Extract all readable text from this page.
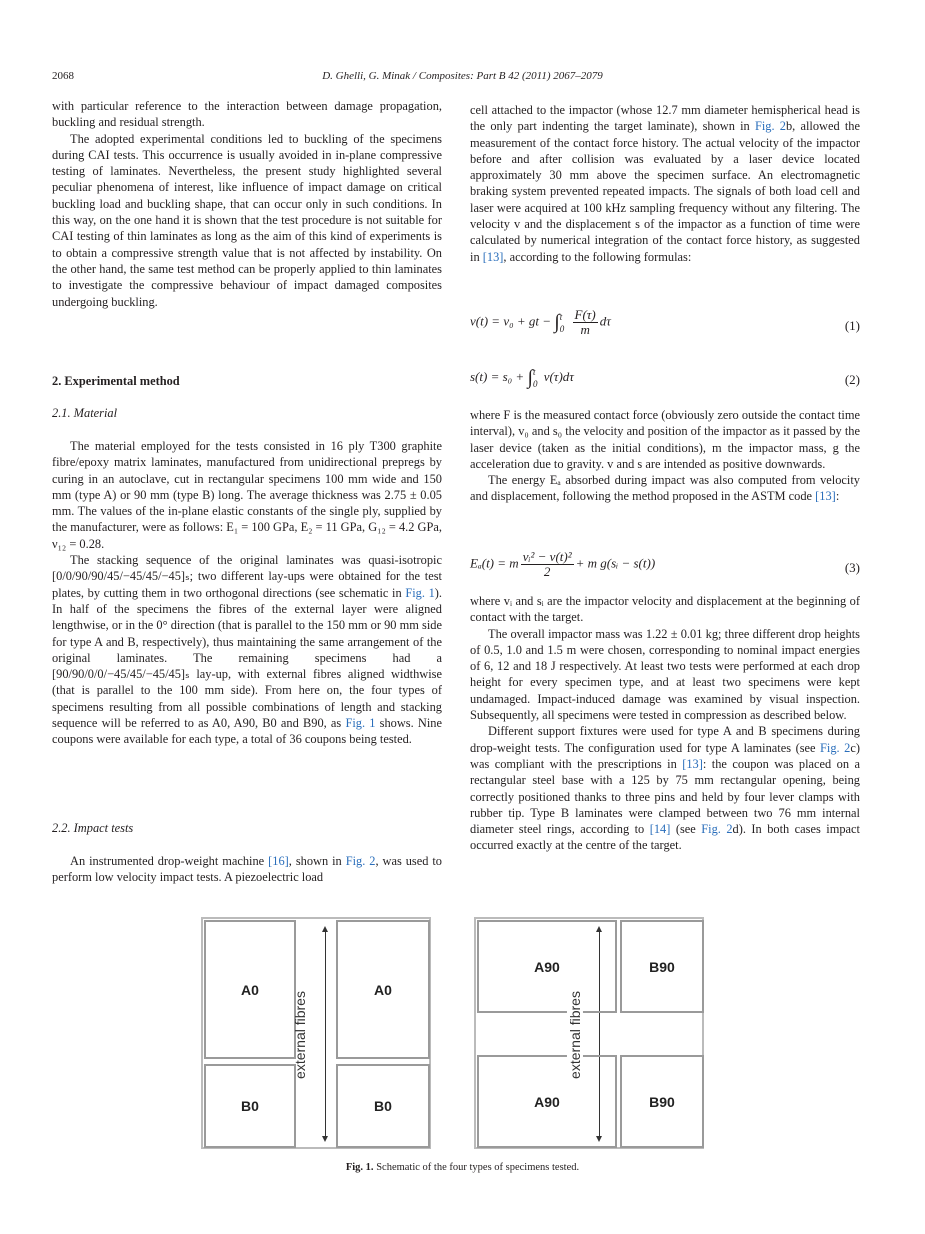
2068	D. Ghelli, G. Minak / Composites: Part B 42 (2011) 2067–2079

with particular reference to the interaction between damage propagation, buckling and residual strength.

The adopted experimental conditions led to buckling of the specimens during CAI tests. This occurrence is usually avoided in in-plane compressive testing of laminates. Nevertheless, the present study highlighted several peculiar phenomena of interest, like influence of impact damage on critical buckling load and buckling shape, that can occur only in such conditions. In this way, on the one hand it is shown that the test procedure is not suitable for CAI testing of thin laminates as long as the aim of this kind of experiments is to obtain a compressive strength value that is not affected by instability. On the other hand, the same test method can be properly applied to thin laminates to investigate the compressive behaviour of impact damaged composites undergoing buckling.

2. Experimental method
2.1. Material

The material employed for the tests consisted in 16 ply T300 graphite fibre/epoxy matrix laminates, manufactured from unidirectional prepregs by curing in an autoclave, cut in rectangular specimens 100 mm wide and 150 mm (type A) or 90 mm (type B) long. The average thickness was 2.75 ± 0.05 mm. The values of the in-plane elastic constants of the single ply, supplied by the manufacturer, were as follows: E₁ = 100 GPa, E₂ = 11 GPa, G₁₂ = 4.2 GPa, ν₁₂ = 0.28.

The stacking sequence of the original laminates was quasi-isotropic [0/0/90/90/45/−45/45/−45]ₛ; two different lay-ups were obtained for the test plates, by cutting them in two orthogonal directions (see schematic in Fig. 1). In half of the specimens the fibres of the external layer were aligned lengthwise, or in the 0° direction (that is parallel to the 150 mm or 90 mm side for type A and B, respectively), thus maintaining the same arrangement of the original laminates. The remaining specimens had a [90/90/0/0/−45/45/−45/45]ₛ lay-up, with external fibres aligned widthwise (that is parallel to the 100 mm side). From here on, the four types of specimens resulting from all possible combinations of length and stacking sequence will be referred to as A0, A90, B0 and B90, as Fig. 1 shows. Nine coupons were available for each type, a total of 36 coupons being tested.

2.2. Impact tests

An instrumented drop-weight machine [16], shown in Fig. 2, was used to perform low velocity impact tests. A piezoelectric load

cell attached to the impactor (whose 12.7 mm diameter hemispherical head is the only part indenting the target laminate), shown in Fig. 2b, allowed the measurement of the contact force history. The actual velocity of the impactor before and after collision was evaluated by a laser device located approximately 30 mm above the specimen surface. An electromagnetic braking system prevented repeated impacts. The signals of both load cell and laser were acquired at 100 kHz sampling frequency without any filtering. The velocity v and the displacement s of the impactor as a function of time were calculated by numerical integration of the contact force history, as suggested in [13], according to the following formulas:

v(t) = v₀ + gt − ∫ t
0
$\frac{F(\tau)}{m}$ dτ	(1)
s(t) = s₀ + ∫ t
0
v(τ)dτ	(2)

where F is the measured contact force (obviously zero outside the contact time interval), v₀ and s₀ the velocity and position of the impactor as it passed by the laser device (taken as the initial conditions), m the impactor mass, g the acceleration due to gravity. v and s are intended as positive downwards.

The energy Eₐ absorbed during impact was also computed from velocity and displacement, following the method proposed in the ASTM code [13]:

Eₐ(t) = m $\frac{\text{vᵢ² − v(t)²}}{2} + m$ g(sᵢ − s(t))	(3)

where vᵢ and sᵢ are the impactor velocity and displacement at the beginning of contact with the target.

The overall impactor mass was 1.22 ± 0.01 kg; three different drop heights of 0.5, 1.0 and 1.5 m were chosen, corresponding to nominal impact energies of 6, 12 and 18 J respectively. At least two tests were performed at each drop height for every specimen type, and at least two specimens were kept undamaged. Impact-induced damage was examined by visual inspection. Subsequently, all specimens were tested in compression as described below.

Different support fixtures were used for type A and B specimens during drop-weight tests. The configuration used for type A laminates (see Fig. 2c) was compliant with the prescriptions in [13]: the coupon was placed on a rectangular steel base with a 125 by 75 mm rectangular opening, being correctly positioned thanks to three pins and held by four lever clamps with rubber tip. Type B laminates were clamped between two 76 mm internal diameter steel rings, according to [14] (see Fig. 2d). In both cases impact occurred exactly at the centre of the target.

A0
B0
A0
B0
external fibres
A90	B90
A90	B90
external fibres
Fig. 1. Schematic of the four types of specimens tested.
